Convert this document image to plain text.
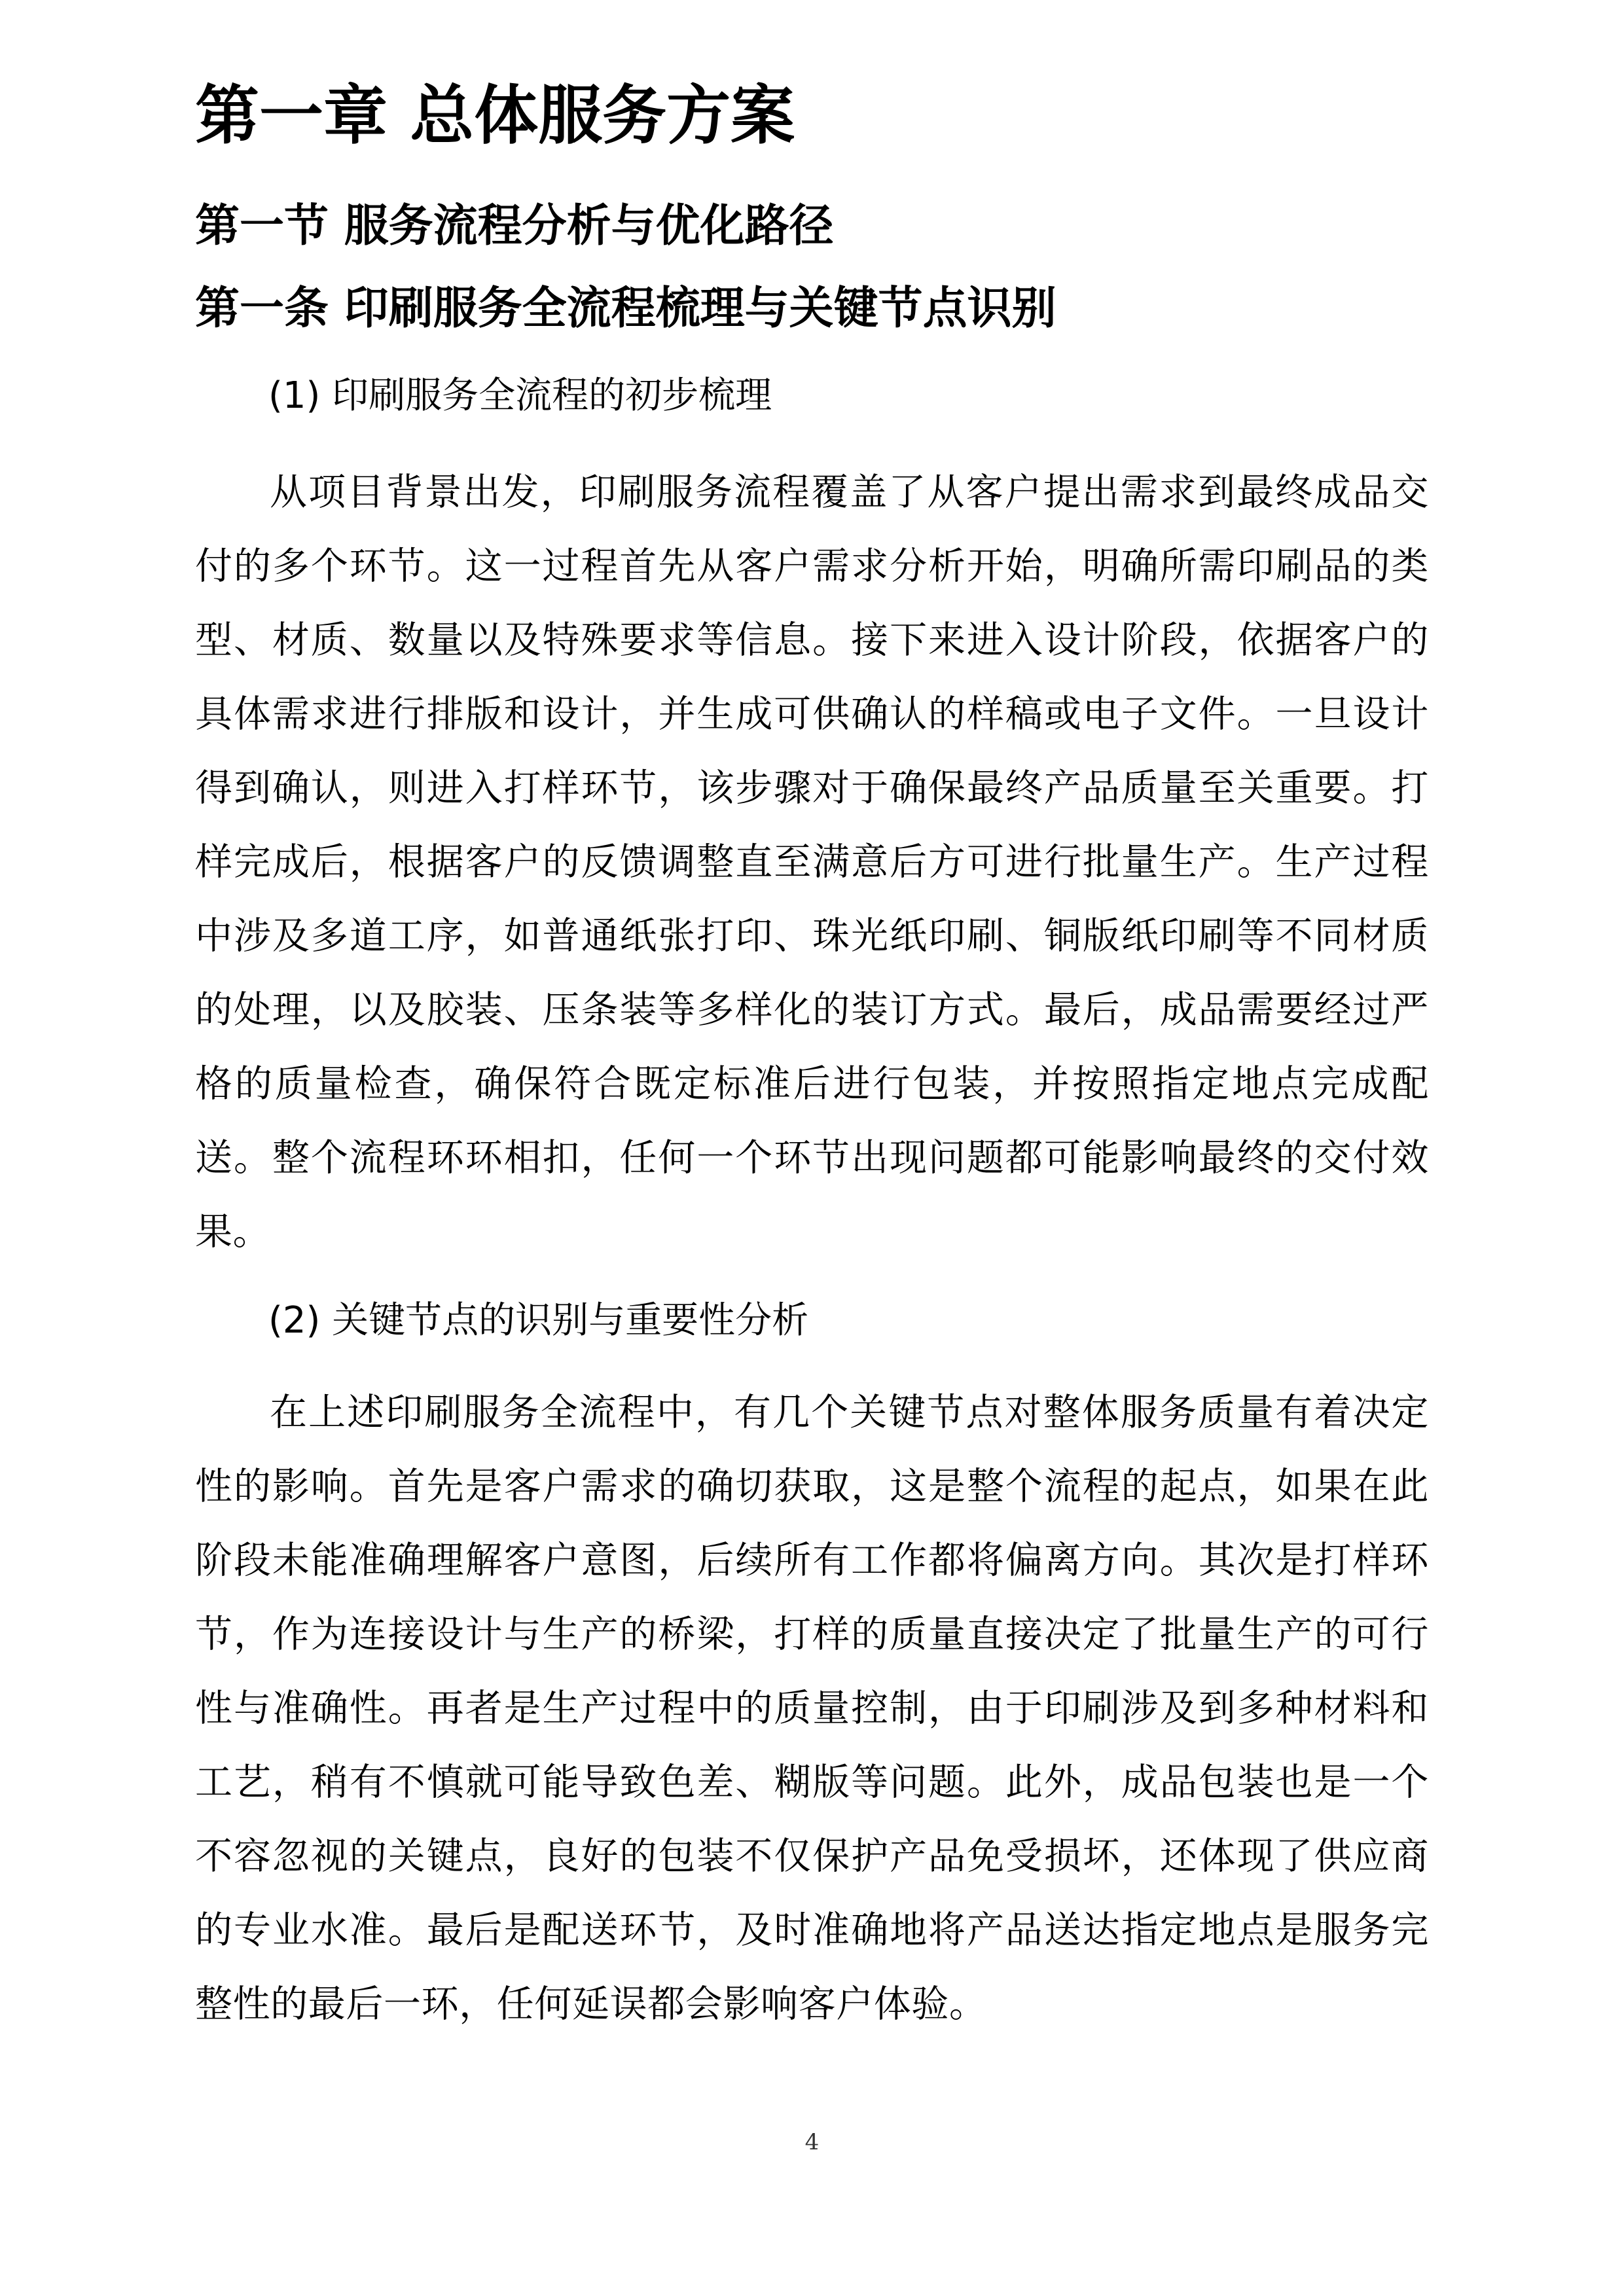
第一章 总体服务方案
第一节 服务流程分析与优化路径
第一条 印刷服务全流程梳理与关键节点识别
(1) 印刷服务全流程的初步梳理

从项目背景出发，印刷服务流程覆盖了从客户提出需求到最终成品交付的多个环节。这一过程首先从客户需求分析开始，明确所需印刷品的类型、材质、数量以及特殊要求等信息。接下来进入设计阶段，依据客户的具体需求进行排版和设计，并生成可供确认的样稿或电子文件。一旦设计得到确认，则进入打样环节，该步骤对于确保最终产品质量至关重要。打样完成后，根据客户的反馈调整直至满意后方可进行批量生产。生产过程中涉及多道工序，如普通纸张打印、珠光纸印刷、铜版纸印刷等不同材质的处理，以及胶装、压条装等多样化的装订方式。最后，成品需要经过严格的质量检查，确保符合既定标准后进行包装，并按照指定地点完成配送。整个流程环环相扣，任何一个环节出现问题都可能影响最终的交付效果。

(2) 关键节点的识别与重要性分析

在上述印刷服务全流程中，有几个关键节点对整体服务质量有着决定性的影响。首先是客户需求的确切获取，这是整个流程的起点，如果在此阶段未能准确理解客户意图，后续所有工作都将偏离方向。其次是打样环节，作为连接设计与生产的桥梁，打样的质量直接决定了批量生产的可行性与准确性。再者是生产过程中的质量控制，由于印刷涉及到多种材料和工艺，稍有不慎就可能导致色差、糊版等问题。此外，成品包装也是一个不容忽视的关键点，良好的包装不仅保护产品免受损坏，还体现了供应商的专业水准。最后是配送环节，及时准确地将产品送达指定地点是服务完整性的最后一环，任何延误都会影响客户体验。

4
